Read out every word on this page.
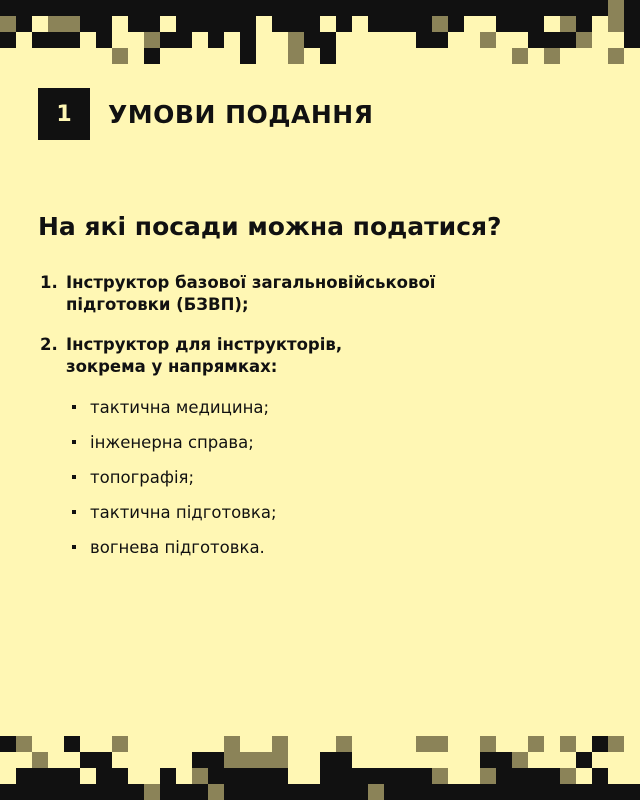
1	УМОВИ ПОДАННЯ
На які посади можна податися?
1. Інструктор базової загальновійськової
підготовки (БЗВП);
2. Інструктор для інструкторів,
зокрема у напрямках:
тактична медицина;
інженерна справа;
топографія;
тактична підготовка;
вогнева підготовка.
